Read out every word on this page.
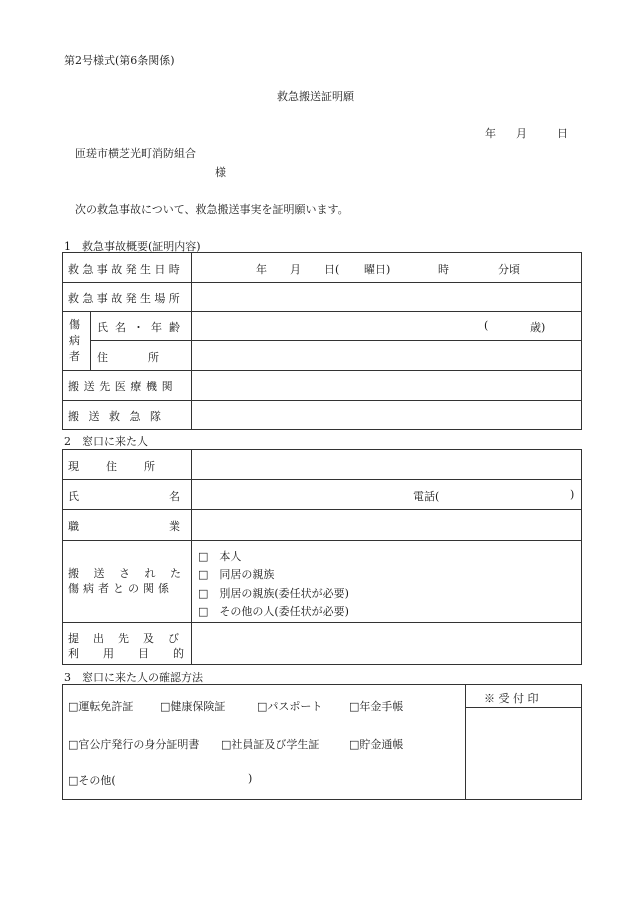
第2号様式(第6条関係)
救急搬送証明願
年 月	日
匝瑳市横芝光町消防組合
様
次の救急事故について、救急搬送事実を証明願います。
1　救急事故概要(証明内容)
救急事故発生日時	年 月 日( 曜日)	時	分頃
救急事故発生場所
傷病者
氏名・年齢	(	歳)
住　　所
搬送先医療機関
搬送救急隊
2　窓口に来た人
現住所
氏名	電話(	)
職業
搬送された
傷病者との関係
□　本人
□　同居の親族
□　別居の親族(委任状が必要)
□　その他の人(委任状が必要)
提出先及び
利用目的
3　窓口に来た人の確認方法
※ 受 付 印
□運転免許証 □健康保険証	□パスポート □年金手帳
□官公庁発行の身分証明書 □社員証及び学生証	□貯金通帳
□その他(	)
